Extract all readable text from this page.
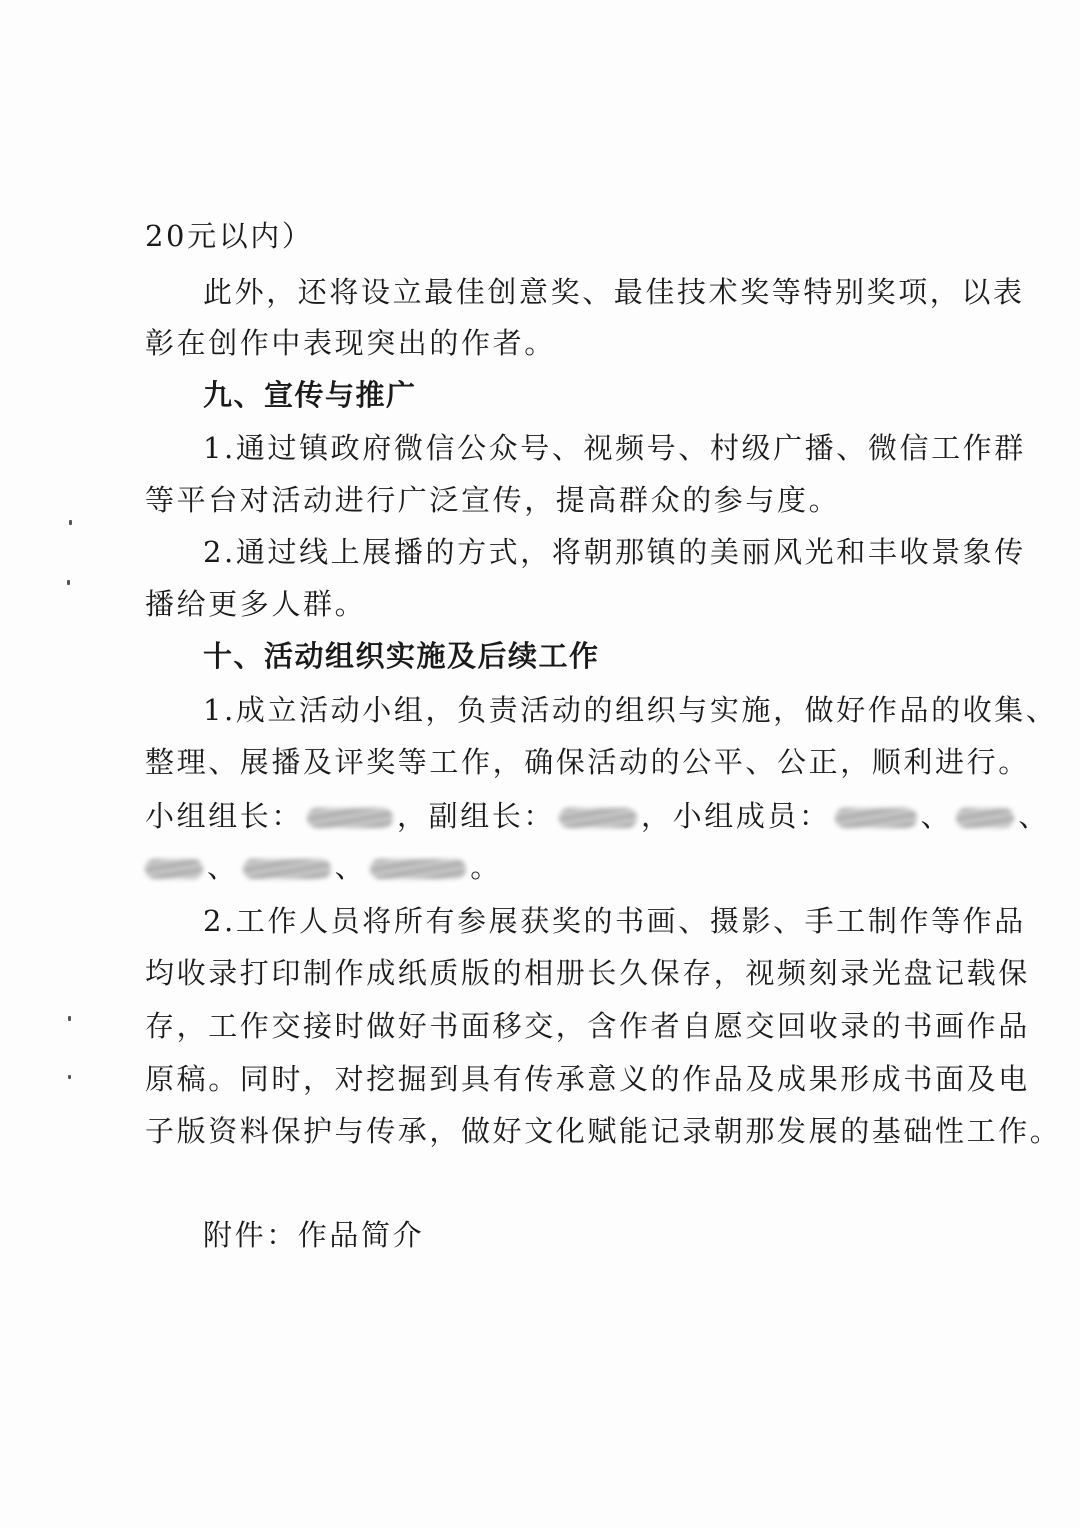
20元以内）
此外，还将设立最佳创意奖、最佳技术奖等特别奖项，以表
彰在创作中表现突出的作者。
九、宣传与推广
1.通过镇政府微信公众号、视频号、村级广播、微信工作群
等平台对活动进行广泛宣传，提高群众的参与度。
2.通过线上展播的方式，将朝那镇的美丽风光和丰收景象传
播给更多人群。
十、活动组织实施及后续工作
1.成立活动小组，负责活动的组织与实施，做好作品的收集、
整理、展播及评奖等工作，确保活动的公平、公正，顺利进行。
小组组长：	，副组长：	，小组成员：	、 、
、	、	。
2.工作人员将所有参展获奖的书画、摄影、手工制作等作品
均收录打印制作成纸质版的相册长久保存，视频刻录光盘记载保
存，工作交接时做好书面移交，含作者自愿交回收录的书画作品
原稿。同时，对挖掘到具有传承意义的作品及成果形成书面及电
子版资料保护与传承，做好文化赋能记录朝那发展的基础性工作。
附件：作品简介
